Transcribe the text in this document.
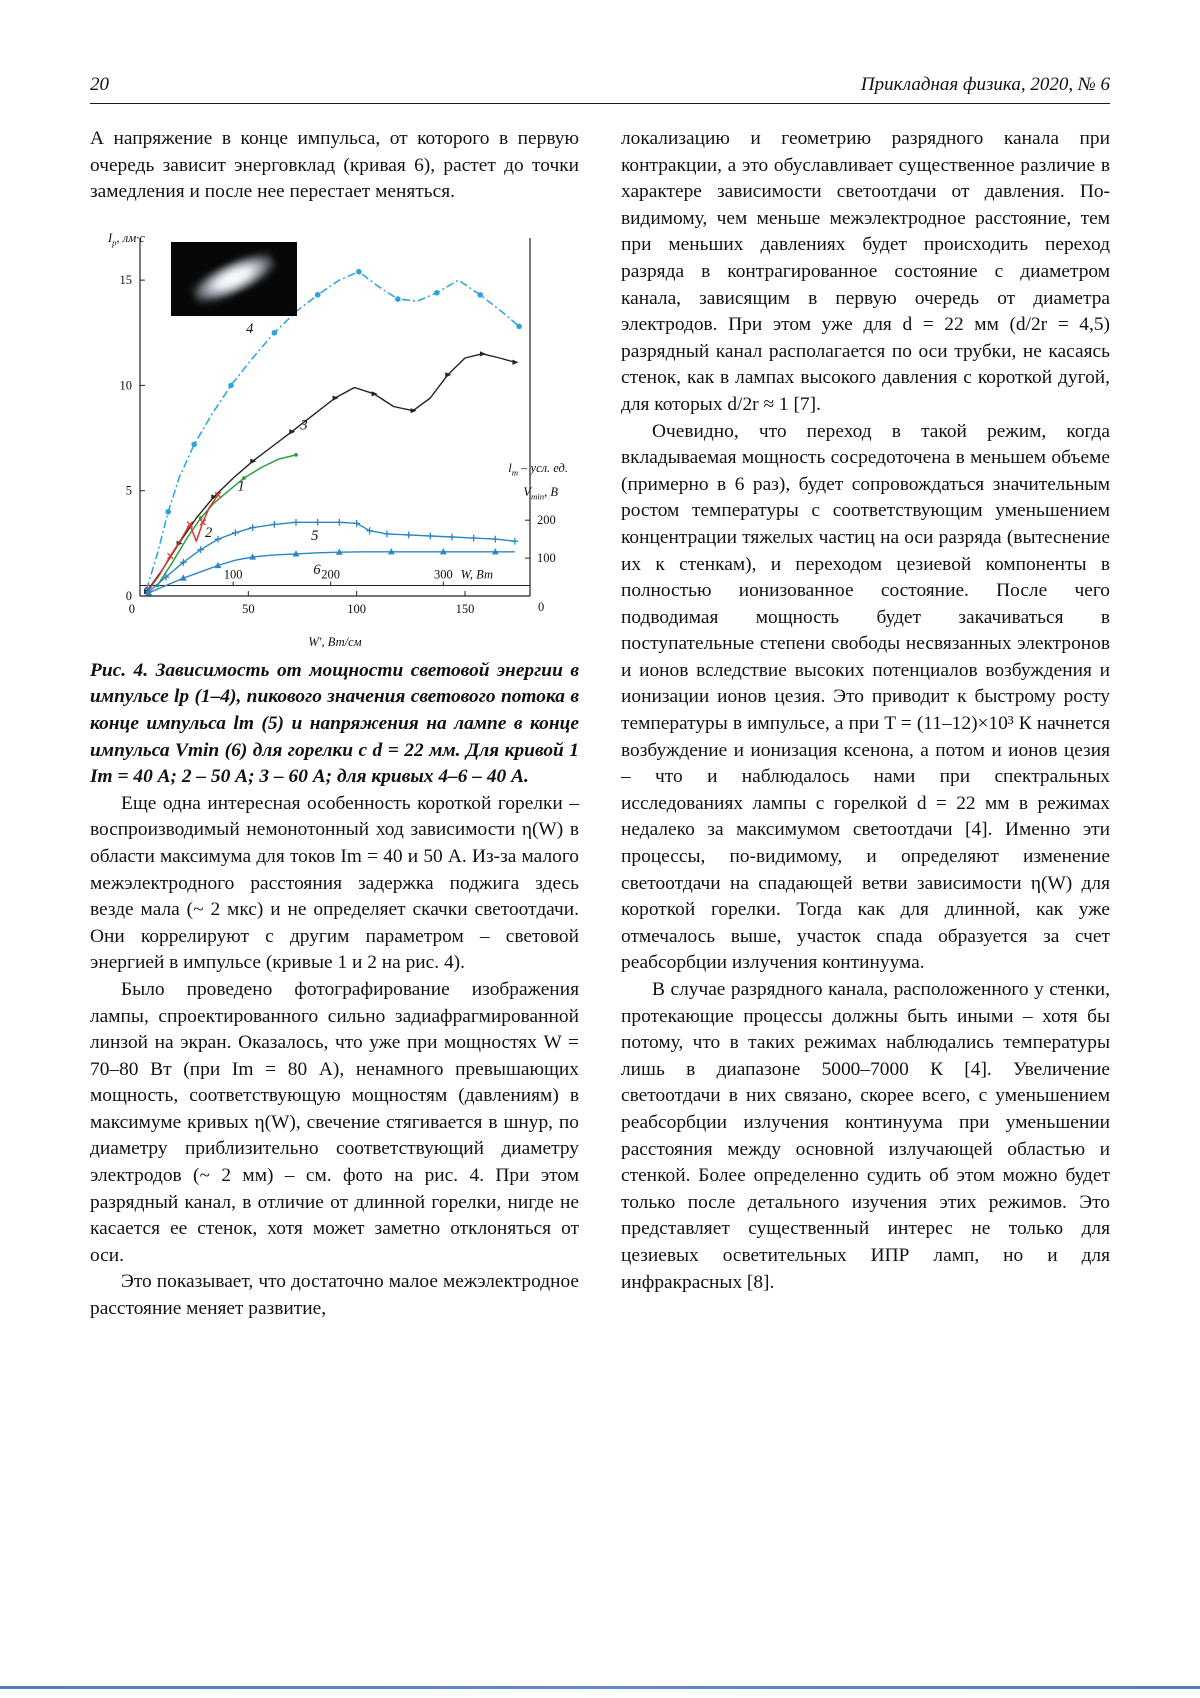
20	Прикладная физика, 2020, № 6

А напряжение в конце импульса, от которого в первую очередь зависит энерговклад (кривая 6), растет до точки замедления и после нее перестает меняться.

0
5
10
15
50	100	150
0
$I_p$, лм·с
W′, Вт/см
100	200	300 W, Вт
100
200
0
$l_m$ – усл. ед.
$V_{min}$, В
4
3
1
2	5
6

Рис. 4. Зависимость от мощности световой энергии в импульсе lp (1–4), пикового значения светового потока в конце импульса lm (5) и напряжения на лампе в конце импульса Vmin (6) для горелки с d = 22 мм. Для кривой 1 Im = 40 А; 2 – 50 А; 3 – 60 А; для кривых 4–6 – 40 А.

Еще одна интересная особенность короткой горелки – воспроизводимый немонотонный ход зависимости η(W) в области максимума для токов Im = 40 и 50 А. Из-за малого межэлектродного расстояния задержка поджига здесь везде мала (~ 2 мкс) и не определяет скачки светоотдачи. Они коррелируют с другим параметром – световой энергией в импульсе (кривые 1 и 2 на рис. 4).

Было проведено фотографирование изображения лампы, спроектированного сильно задиафрагмированной линзой на экран. Оказалось, что уже при мощностях W = 70–80 Вт (при Im = 80 А), ненамного превышающих мощность, соответствующую мощностям (давлениям) в максимуме кривых η(W), свечение стягивается в шнур, по диаметру приблизительно соответствующий диаметру электродов (~ 2 мм) – см. фото на рис. 4. При этом разрядный канал, в отличие от длинной горелки, нигде не касается ее стенок, хотя может заметно отклоняться от оси.

Это показывает, что достаточно малое межэлектродное расстояние меняет развитие,

локализацию и геометрию разрядного канала при контракции, а это обуславливает существенное различие в характере зависимости светоотдачи от давления. По-видимому, чем меньше межэлектродное расстояние, тем при меньших давлениях будет происходить переход разряда в контрагированное состояние с диаметром канала, зависящим в первую очередь от диаметра электродов. При этом уже для d = 22 мм (d/2r = 4,5) разрядный канал располагается по оси трубки, не касаясь стенок, как в лампах высокого давления с короткой дугой, для которых d/2r ≈ 1 [7].

Очевидно, что переход в такой режим, когда вкладываемая мощность сосредоточена в меньшем объеме (примерно в 6 раз), будет сопровождаться значительным ростом температуры с соответствующим уменьшением концентрации тяжелых частиц на оси разряда (вытеснение их к стенкам), и переходом цезиевой компоненты в полностью ионизованное состояние. После чего подводимая мощность будет закачиваться в поступательные степени свободы несвязанных электронов и ионов вследствие высоких потенциалов возбуждения и ионизации ионов цезия. Это приводит к быстрому росту температуры в импульсе, а при T = (11–12)×10³ К начнется возбуждение и ионизация ксенона, а потом и ионов цезия – что и наблюдалось нами при спектральных исследованиях лампы с горелкой d = 22 мм в режимах недалеко за максимумом светоотдачи [4]. Именно эти процессы, по-видимому, и определяют изменение светоотдачи на спадающей ветви зависимости η(W) для короткой горелки. Тогда как для длинной, как уже отмечалось выше, участок спада образуется за счет реабсорбции излучения континуума.

В случае разрядного канала, расположенного у стенки, протекающие процессы должны быть иными – хотя бы потому, что в таких режимах наблюдались температуры лишь в диапазоне 5000–7000 К [4]. Увеличение светоотдачи в них связано, скорее всего, с уменьшением реабсорбции излучения континуума при уменьшении расстояния между основной излучающей областью и стенкой. Более определенно судить об этом можно будет только после детального изучения этих режимов. Это представляет существенный интерес не только для цезиевых осветительных ИПР ламп, но и для инфракрасных [8].
